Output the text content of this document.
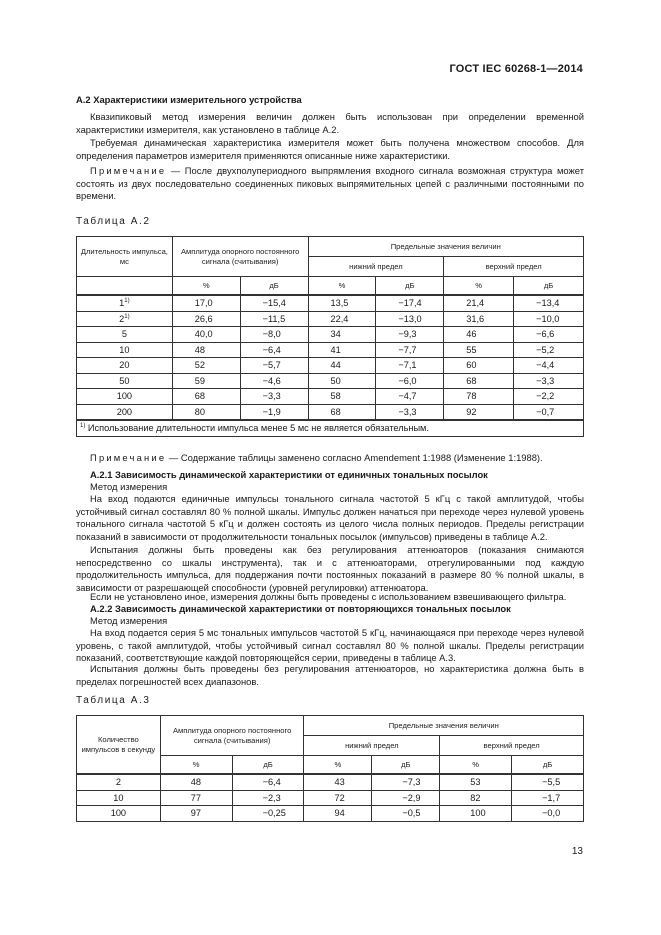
ГОСТ IEC 60268-1—2014
А.2 Характеристики измерительного устройства
Квазипиковый метод измерения величин должен быть использован при определении временной характеристики измерителя, как установлено в таблице А.2.
Требуемая динамическая характеристика измерителя может быть получена множеством способов. Для определения параметров измерителя применяются описанные ниже характеристики.
Примечание — После двухполупериодного выпрямления входного сигнала возможная структура может состоять из двух последовательно соединенных пиковых выпрямительных цепей с различными постоянными по времени.
Таблица А.2
Длительность импульса, мс	Амплитуда опорного постоянного сигнала (считывания)		Предельные значения величин			
			нижний предел		верхний предел	
	%	дБ	%	дБ	%	дБ
1$^{1)}$	17,0	−15,4	13,5	−17,4	21,4	−13,4
2$^{1)}$	26,6	−11,5	22,4	−13,0	31,6	−10,0
5	40,0	−8,0	34	−9,3	46	−6,6
10	48	−6,4	41	−7,7	55	−5,2
20	52	−5,7	44	−7,1	60	−4,4
50	59	−4,6	50	−6,0	68	−3,3
100	68	−3,3	58	−4,7	78	−2,2
200	80	−1,9	68	−3,3	92	−0,7
$^{1)}$ Использование длительности импульса менее 5 мс не является обязательным.						
Примечание — Содержание таблицы заменено согласно Amendement 1:1988 (Изменение 1:1988).
А.2.1 Зависимость динамической характеристики от единичных тональных посылок
Метод измерения
На вход подаются единичные импульсы тонального сигнала частотой 5 кГц с такой амплитудой, чтобы устойчивый сигнал составлял 80 % полной шкалы. Импульс должен начаться при переходе через нулевой уровень тонального сигнала частотой 5 кГц и должен состоять из целого числа полных периодов. Пределы регистрации показаний в зависимости от продолжительности тональных посылок (импульсов) приведены в таблице А.2.
Испытания должны быть проведены как без регулирования аттенюаторов (показания снимаются непосредственно со шкалы инструмента), так и с аттенюаторами, отрегулированными под каждую продолжительность импульса, для поддержания почти постоянных показаний в размере 80 % полной шкалы, в зависимости от разрешающей способности (уровней регулировки) аттенюатора.
Если не установлено иное, измерения должны быть проведены с использованием взвешивающего фильтра.
А.2.2 Зависимость динамической характеристики от повторяющихся тональных посылок
Метод измерения
На вход подается серия 5 мс тональных импульсов частотой 5 кГц, начинающаяся при переходе через нулевой уровень, с такой амплитудой, чтобы устойчивый сигнал составлял 80 % полной шкалы. Пределы регистрации показаний, соответствующие каждой повторяющейся серии, приведены в таблице А.3.
Испытания должны быть проведены без регулирования аттенюаторов, но характеристика должна быть в пределах погрешностей всех диапазонов.
Таблица А.3
Количество импульсов в секунду	Амплитуда опорного постоянного сигнала (считывания)		Предельные значения величин			
			нижний предел		верхний предел	
	%	дБ	%	дБ	%	дБ
2	48	−6,4	43	−7,3	53	−5,5
10	77	−2,3	72	−2,9	82	−1,7
100	97	−0,25	94	−0,5	100	−0,0
13
